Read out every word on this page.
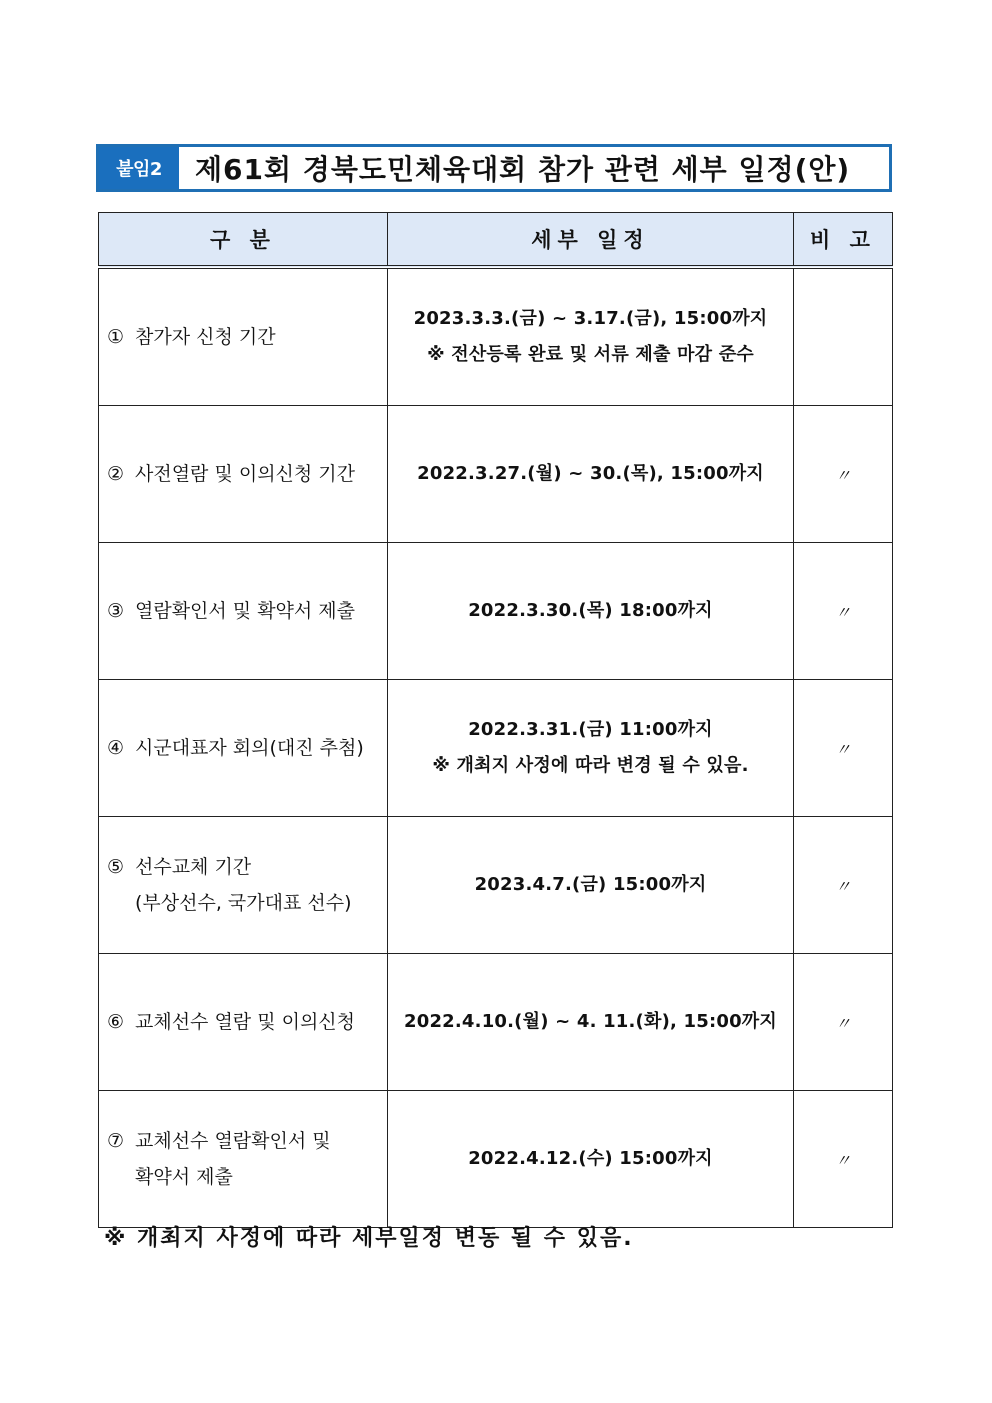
붙임2	제61회 경북도민체육대회 참가 관련 세부 일정(안)
구 분	세부 일정	비 고

① 참가자 신청 기간	2023.3.3.(금) ~ 3.17.(금), 15:00까지
※ 전산등록 완료 및 서류 제출 마감 준수	

② 사전열람 및 이의신청 기간	2022.3.27.(월) ~ 30.(목), 15:00까지	〃

③ 열람확인서 및 확약서 제출	2022.3.30.(목) 18:00까지	〃

④ 시군대표자 회의(대진 추첨)	2022.3.31.(금) 11:00까지
※ 개최지 사정에 따라 변경 될 수 있음.	〃

⑤ 선수교체 기간
(부상선수, 국가대표 선수)	2023.4.7.(금) 15:00까지	〃

⑥ 교체선수 열람 및 이의신청	2022.4.10.(월) ~ 4. 11.(화), 15:00까지	〃

⑦ 교체선수 열람확인서 및
확약서 제출	2022.4.12.(수) 15:00까지	〃
※ 개최지 사정에 따라 세부일정 변동 될 수 있음.
